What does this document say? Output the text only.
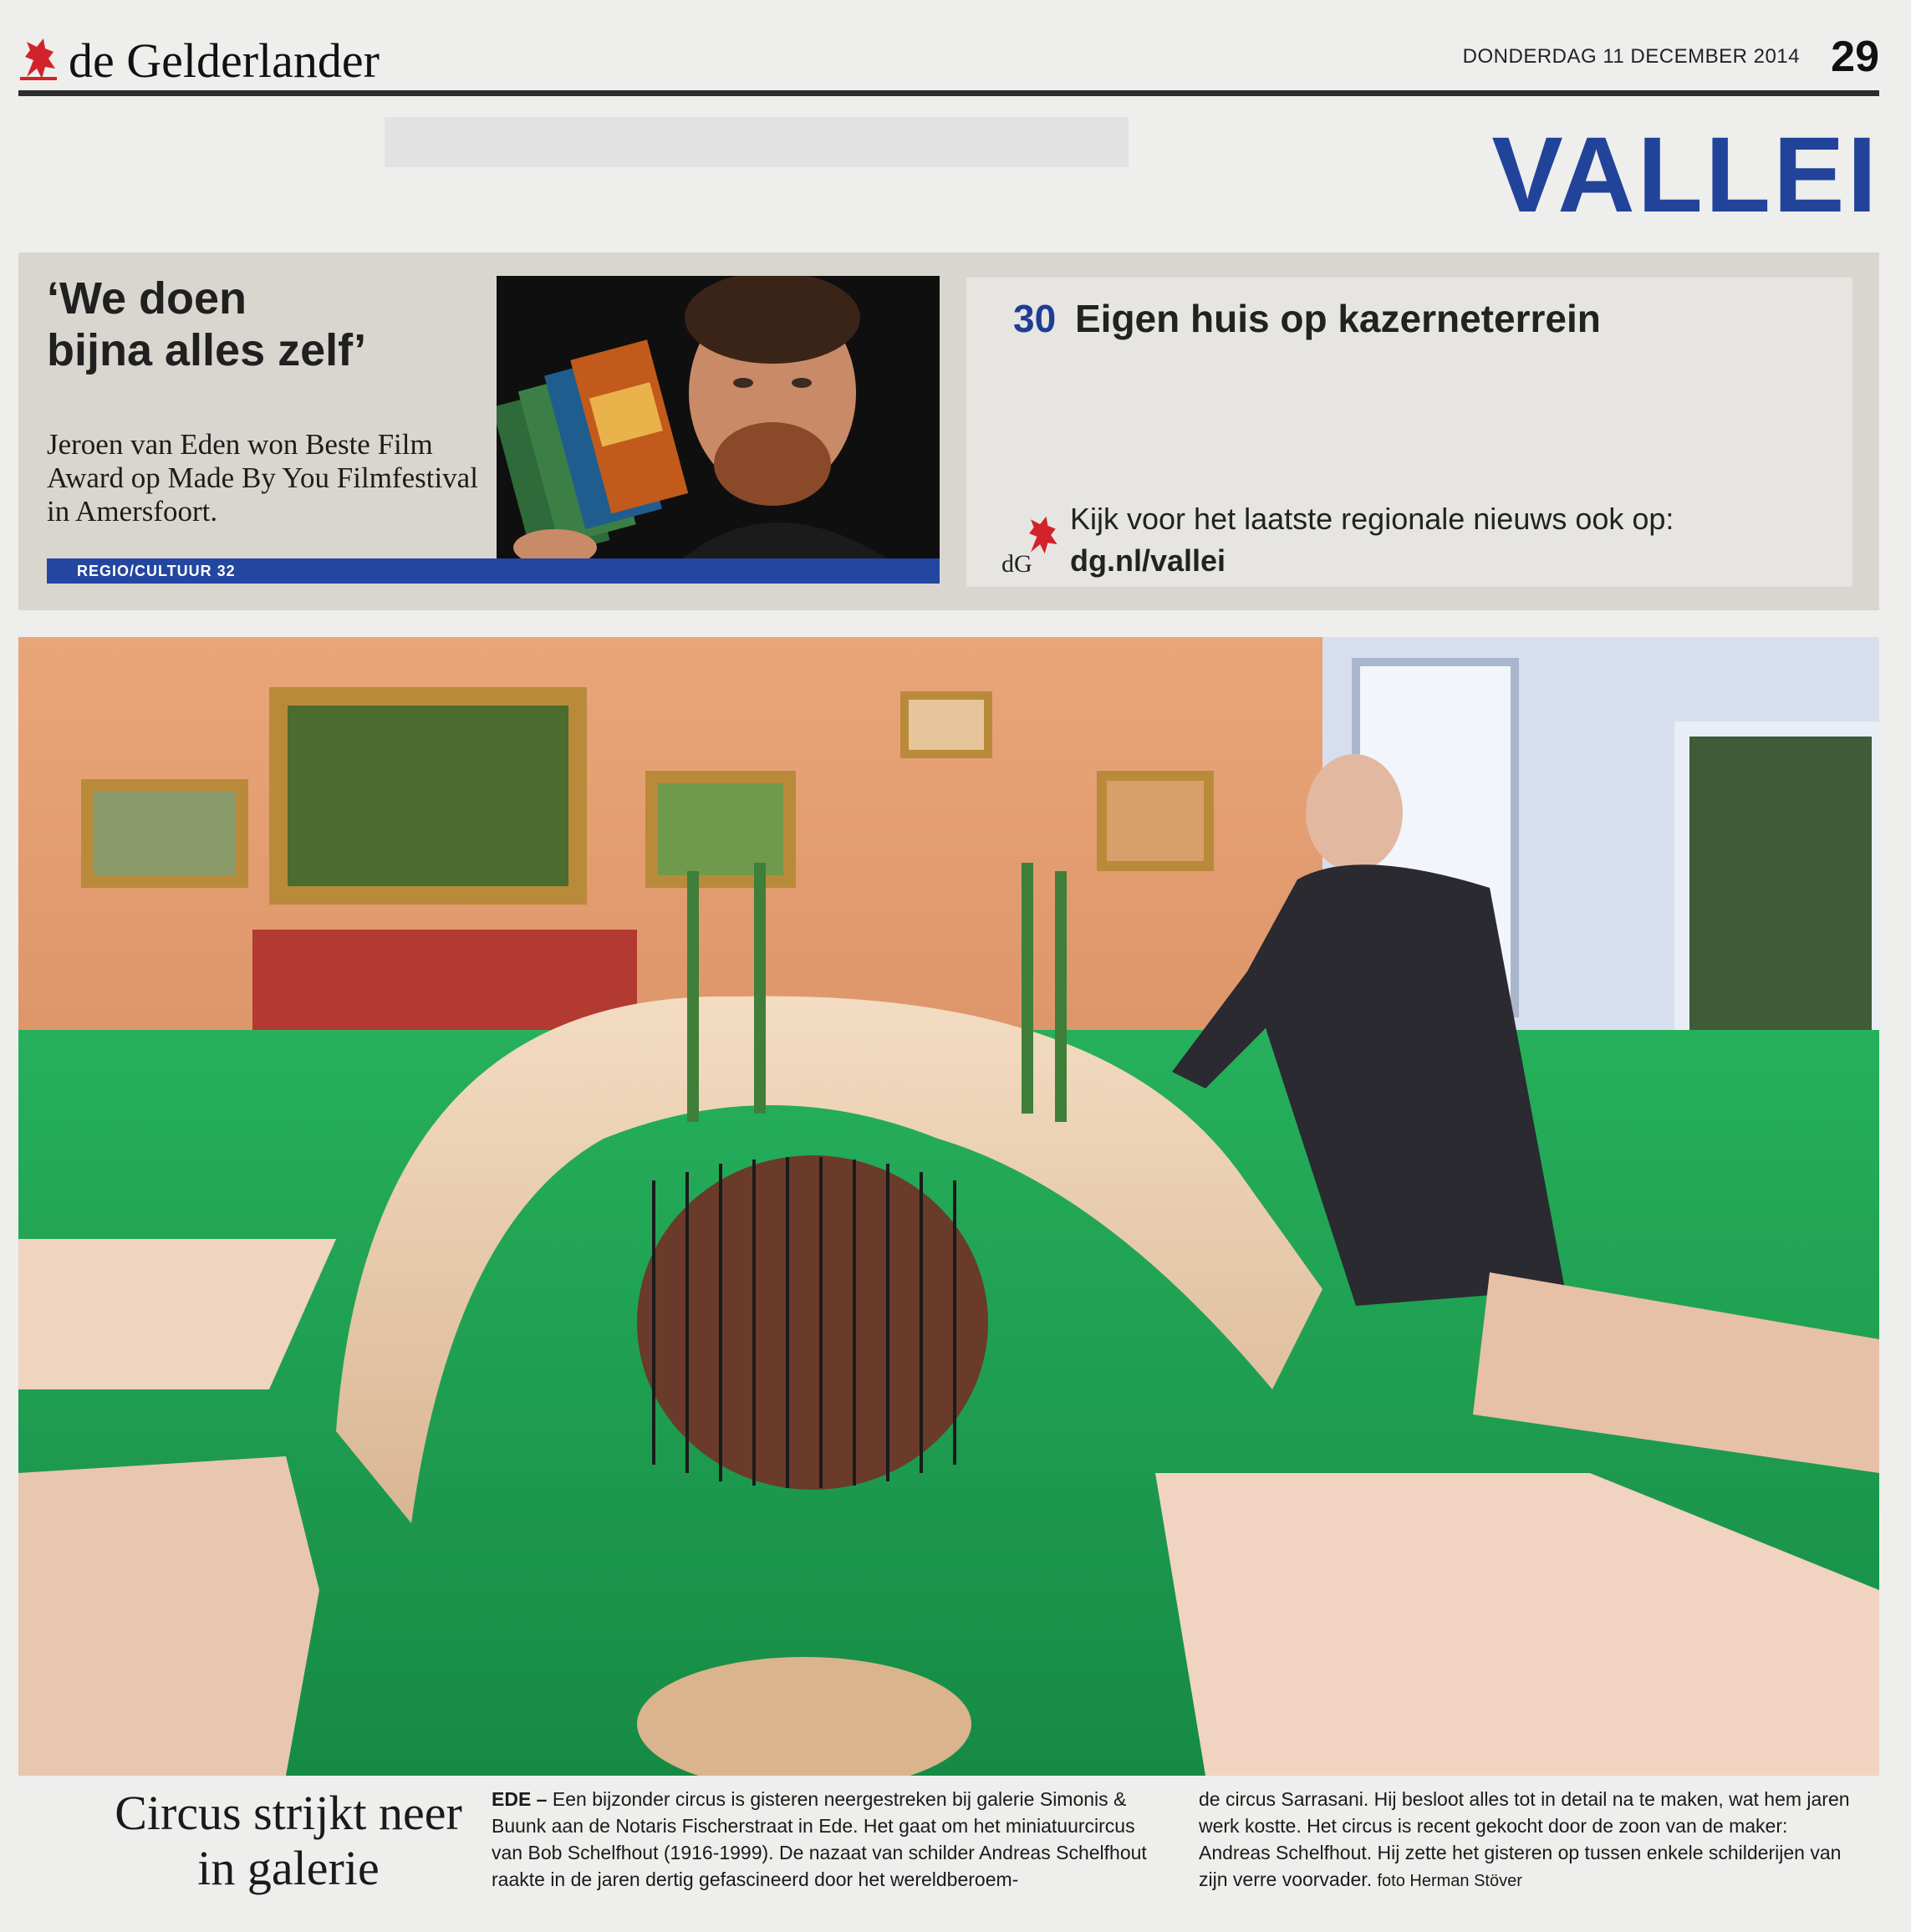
de Gelderlander	DONDERDAG 11 DECEMBER 2014 29
VALLEI
‘We doen
bijna alles zelf’
Jeroen van Eden won Beste Film Award op Made By You Filmfestival in Amersfoort.
REGIO/CULTUUR 32
30 Eigen huis op kazerneterrein
dG
Kijk voor het laatste regionale nieuws ook op:
dg.nl/vallei
Circus strijkt neer in galerie
EDE – Een bijzonder circus is gisteren neergestreken bij galerie Simonis & Buunk aan de Notaris Fischerstraat in Ede. Het gaat om het miniatuurcircus van Bob Schelfhout (1916-1999). De nazaat van schilder Andreas Schelfhout raakte in de jaren dertig gefascineerd door het wereldberoem-
de circus Sarrasani. Hij besloot alles tot in detail na te maken, wat hem jaren werk kostte. Het circus is recent gekocht door de zoon van de maker: Andreas Schelfhout. Hij zette het gisteren op tussen enkele schilderijen van zijn verre voorvader. foto Herman Stöver
